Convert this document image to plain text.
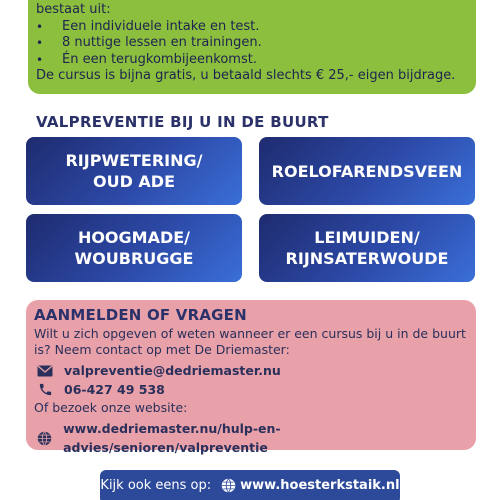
bestaat uit:
•	Een individuele intake en test.
•	8 nuttige lessen en trainingen.
•	Én een terugkombijeenkomst.
De cursus is bijna gratis, u betaald slechts € 25,- eigen bijdrage.
VALPREVENTIE BIJ U IN DE BUURT
RIJPWETERING/
OUD ADE
ROELOFARENDSVEEN
HOOGMADE/
WOUBRUGGE
LEIMUIDEN/
RIJNSATERWOUDE
AANMELDEN OF VRAGEN
Wilt u zich opgeven of weten wanneer er een cursus bij u in de buurt is? Neem contact op met De Driemaster:
valpreventie@dedriemaster.nu
06-427 49 538
Of bezoek onze website:
www.dedriemaster.nu/hulp-en-advies/senioren/valpreventie
Kijk ook eens op: www.hoesterkstaik.nl
